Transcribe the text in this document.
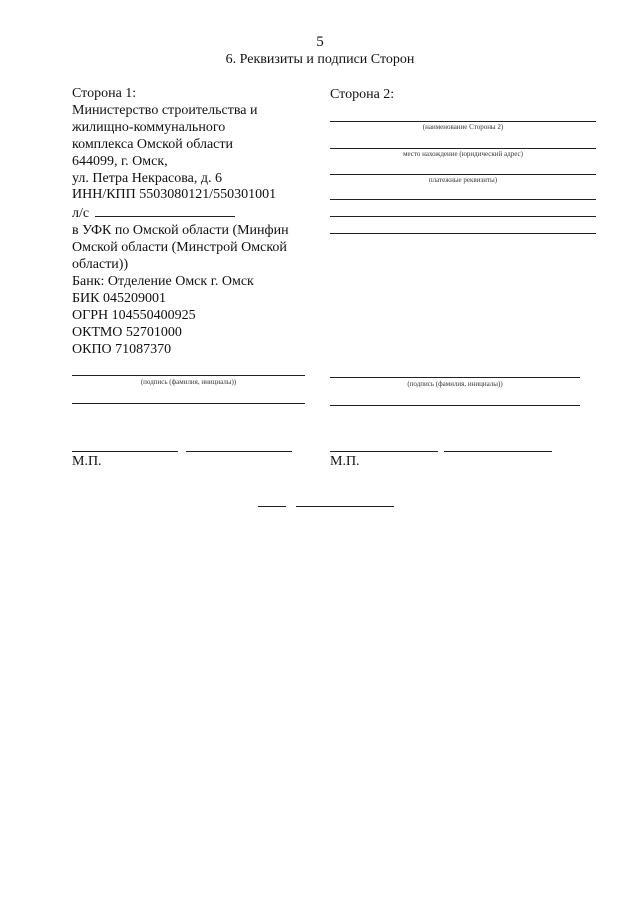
5
6. Реквизиты и подписи Сторон
Сторона 1:
Министерство строительства и
жилищно-коммунального
комплекса Омской области
644099, г. Омск,
ул. Петра Некрасова, д. 6
ИНН/КПП 5503080121/550301001
л/с
в УФК по Омской области (Минфин
Омской области (Минстрой Омской
области))
Банк: Отделение Омск г. Омск
БИК 045209001
ОГРН 104550400925
ОКТМО 52701000
ОКПО 71087370
Сторона 2:
(наименование Стороны 2)
место нахождение (юридический адрес)
платежные реквизиты)
(подпись (фамилия, инициалы))	(подпись (фамилия, инициалы))
М.П.	М.П.
